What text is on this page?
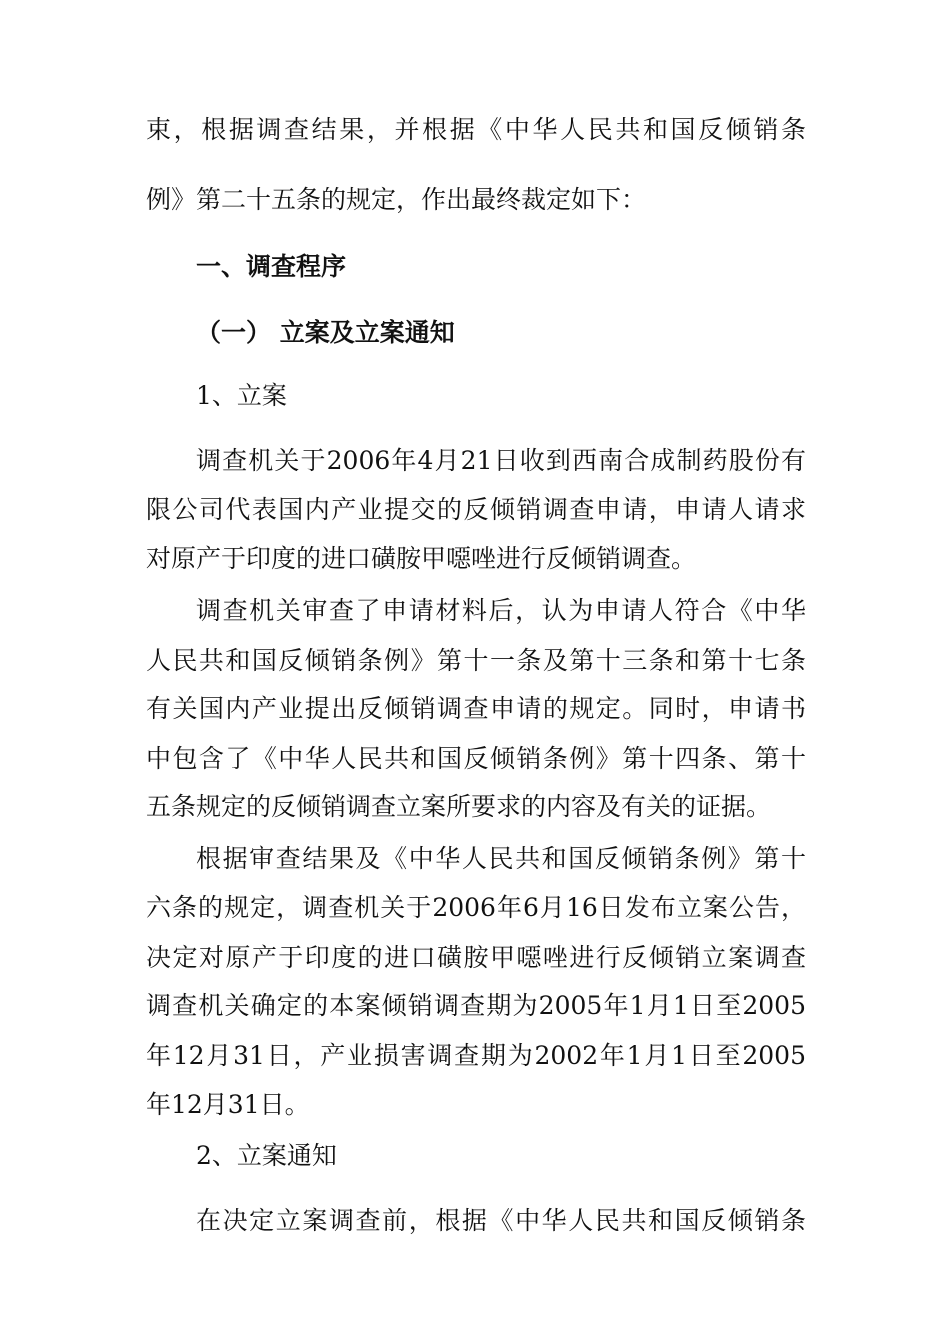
束，根据调查结果，并根据《中华人民共和国反倾销条
例》第二十五条的规定，作出最终裁定如下：
一、调查程序
（一） 立案及立案通知
1、立案
调查机关于2006年4月21日收到西南合成制药股份有
限公司代表国内产业提交的反倾销调查申请，申请人请求
对原产于印度的进口磺胺甲噁唑进行反倾销调查。
调查机关审查了申请材料后，认为申请人符合《中华
人民共和国反倾销条例》第十一条及第十三条和第十七条
有关国内产业提出反倾销调查申请的规定。同时，申请书
中包含了《中华人民共和国反倾销条例》第十四条、第十
五条规定的反倾销调查立案所要求的内容及有关的证据。
根据审查结果及《中华人民共和国反倾销条例》第十
六条的规定，调查机关于2006年6月16日发布立案公告，
决定对原产于印度的进口磺胺甲噁唑进行反倾销立案调查
调查机关确定的本案倾销调查期为2005年1月1日至2005
年12月31日，产业损害调查期为2002年1月1日至2005
年12月31日。
2、立案通知
在决定立案调查前，根据《中华人民共和国反倾销条
